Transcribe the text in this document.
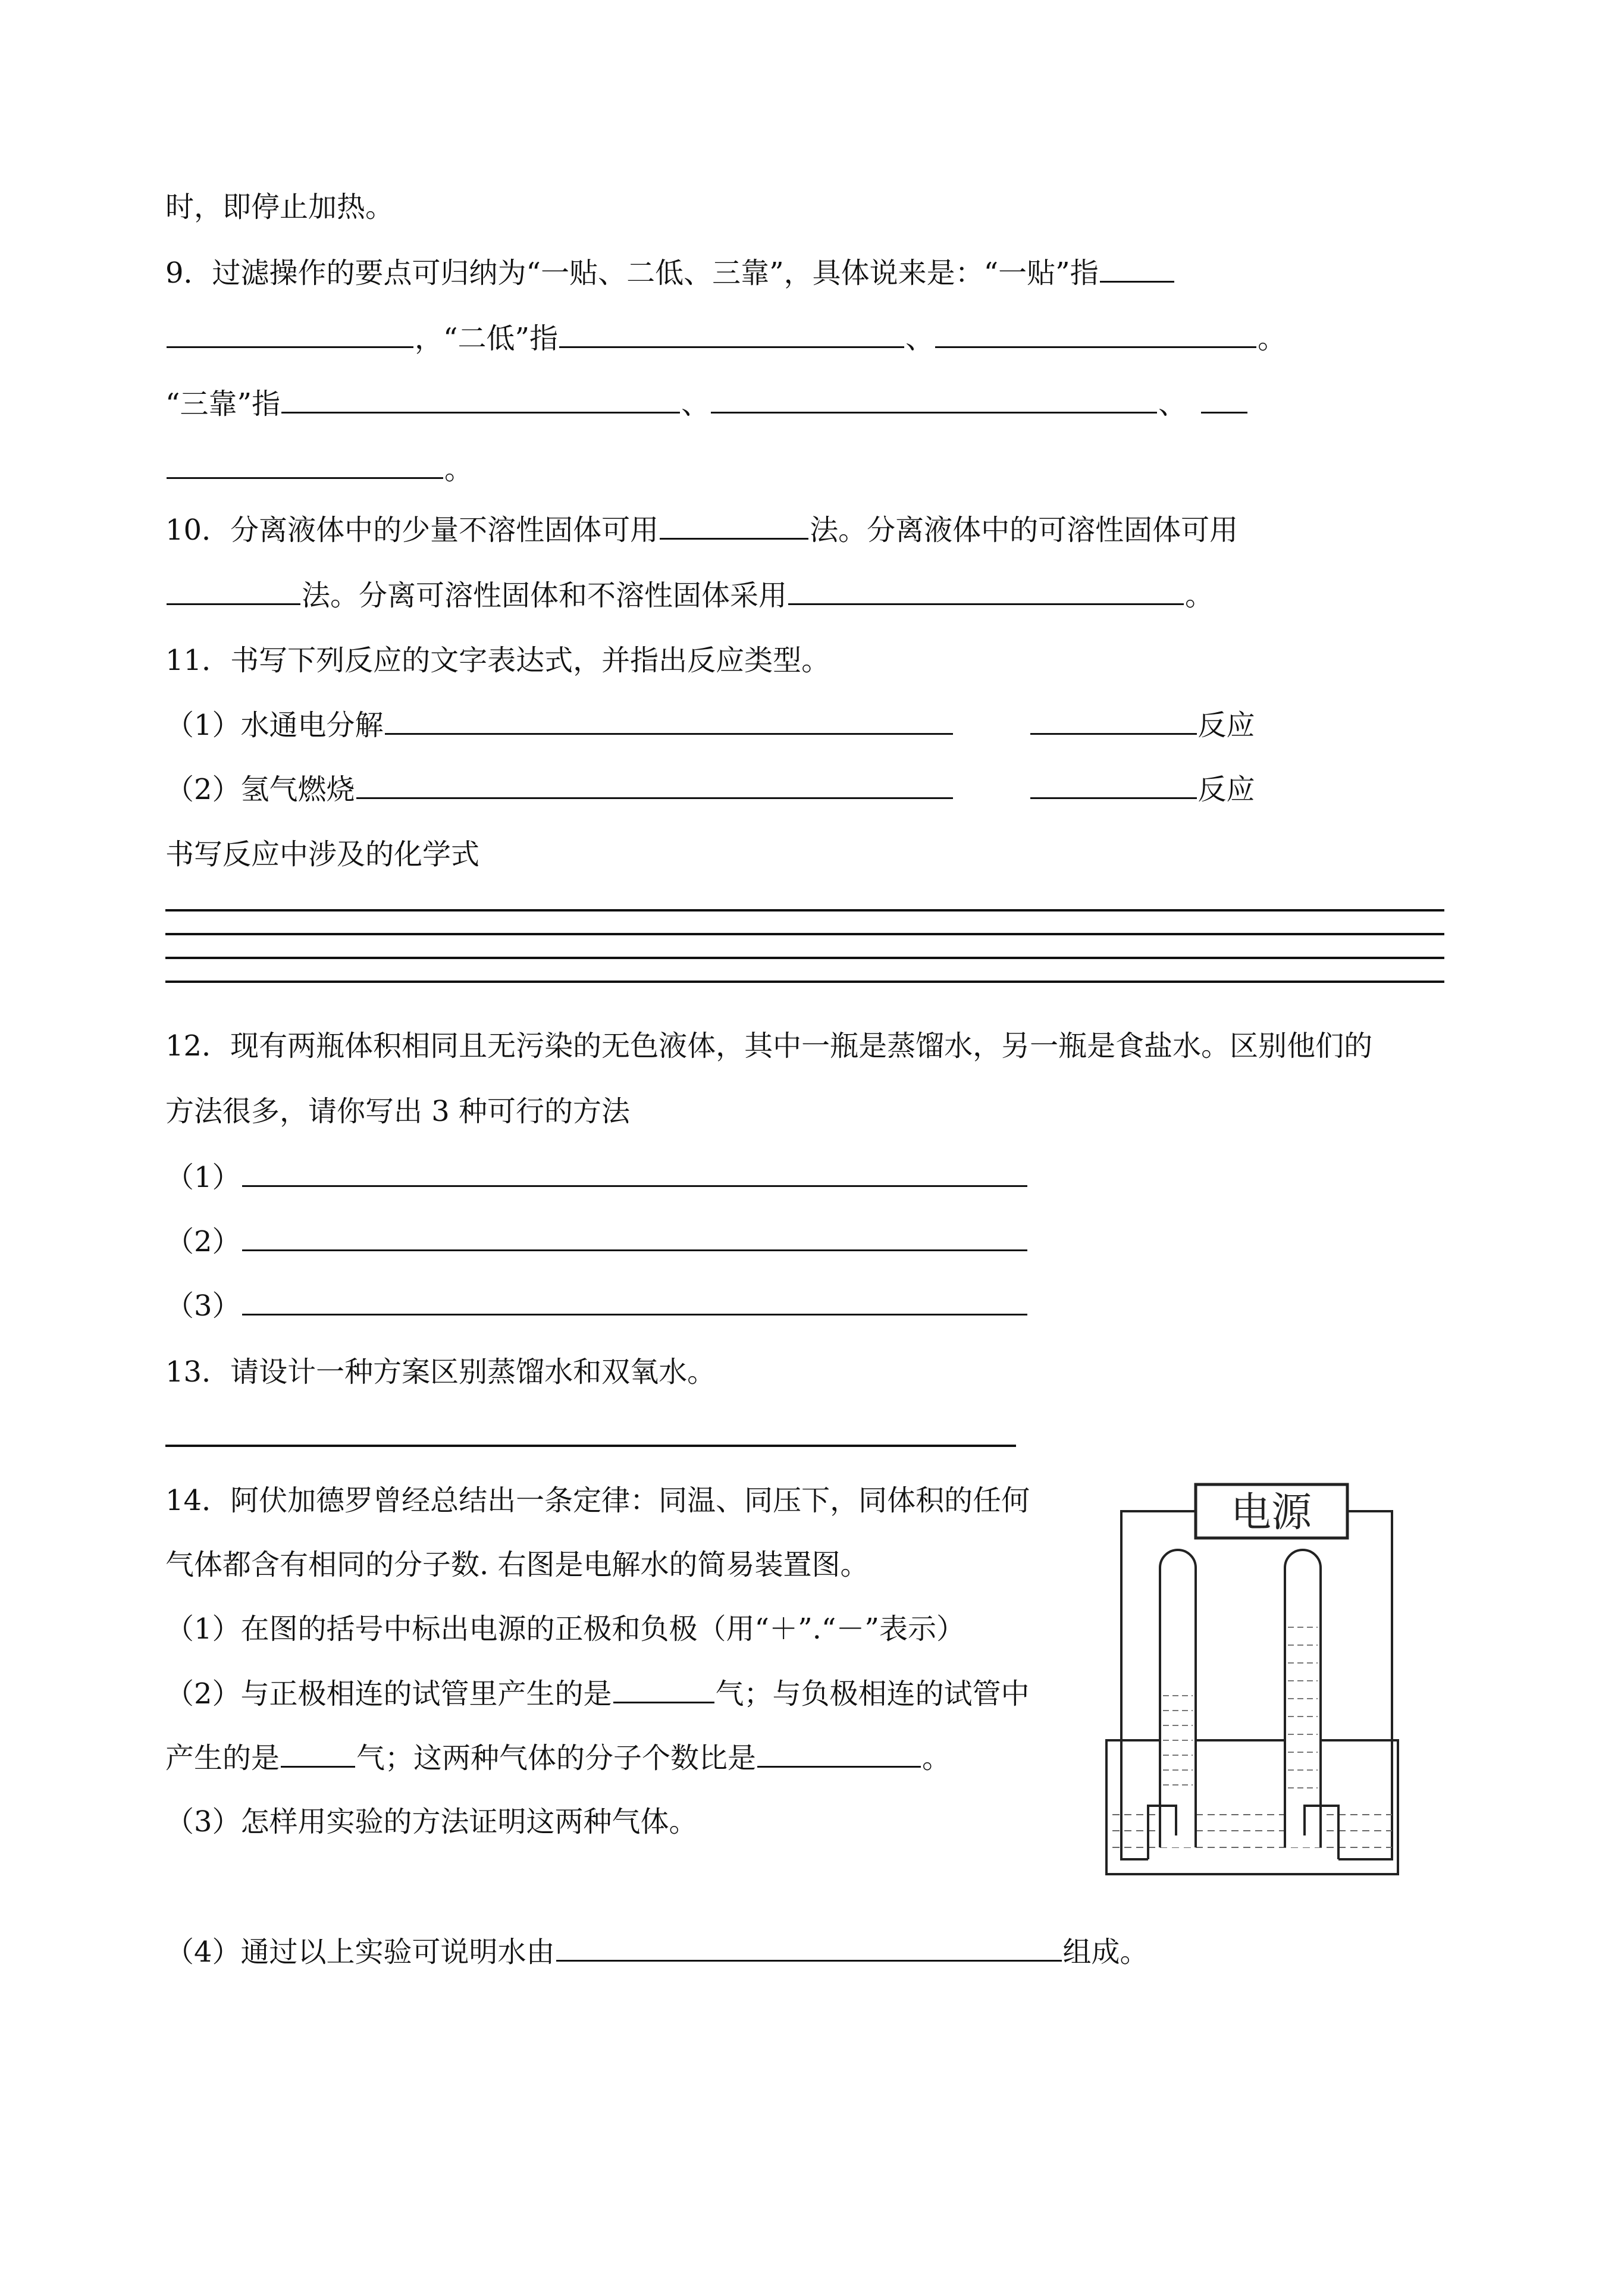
时，即停止加热。
9．过滤操作的要点可归纳为“一贴、二低、三靠”，具体说来是：“一贴”指
，“二低”指	、	。
“三靠”指	、	、
。
10．分离液体中的少量不溶性固体可用	法。分离液体中的可溶性固体可用
法。分离可溶性固体和不溶性固体采用	。
11．书写下列反应的文字表达式，并指出反应类型。
（1）水通电分解	反应
（2）氢气燃烧	反应
书写反应中涉及的化学式
12．现有两瓶体积相同且无污染的无色液体，其中一瓶是蒸馏水，另一瓶是食盐水。区别他们的
方法很多，请你写出 3 种可行的方法
（1）
（2）
（3）
13．请设计一种方案区别蒸馏水和双氧水。
14．阿伏加德罗曾经总结出一条定律：同温、同压下，同体积的任何
气体都含有相同的分子数. 右图是电解水的简易装置图。
（1）在图的括号中标出电源的正极和负极（用“＋”.“－”表示）
（2）与正极相连的试管里产生的是	气；与负极相连的试管中
产生的是	气；这两种气体的分子个数比是	。
（3）怎样用实验的方法证明这两种气体。
（4）通过以上实验可说明水由	组成。
电源
